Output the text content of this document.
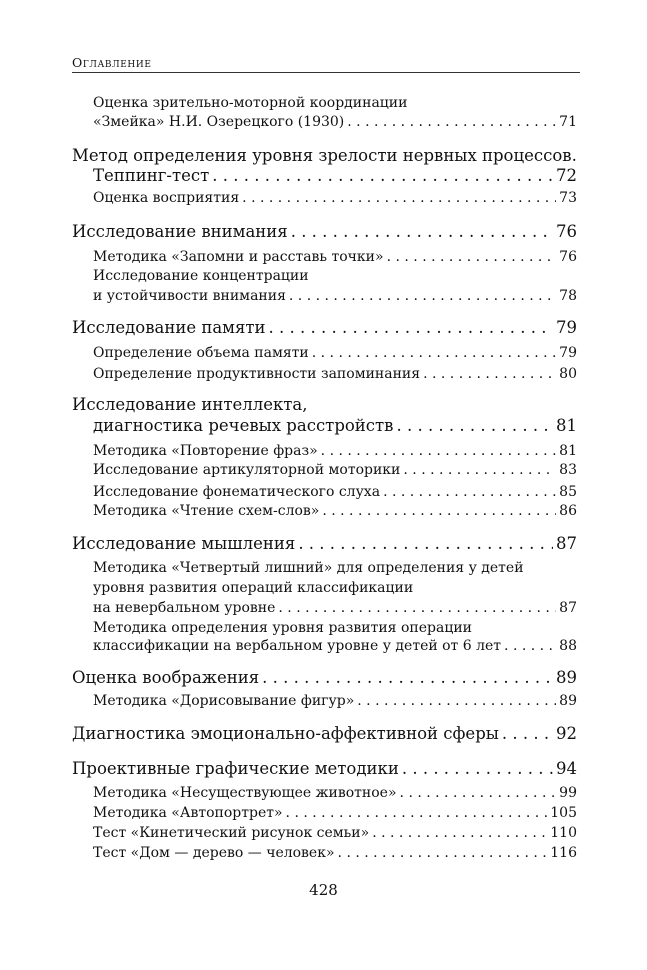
Оглавление
Оценка зрительно-моторной координации
«Змейка» Н.И. Озерецкого (1930) . . .	71
Метод определения уровня зрелости нервных процессов.
Теппинг-тест . . .	72
Оценка восприятия . . .	73
Исследование внимания . . .	76
Методика «Запомни и расставь точки» . . .	76
Исследование концентрации
и устойчивости внимания . . .	78
Исследование памяти . . .	79
Определение объема памяти . . .	79
Определение продуктивности запоминания . . .	80
Исследование интеллекта,
диагностика речевых расстройств . . .	81
Методика «Повторение фраз» . . .	81
Исследование артикуляторной моторики . . .	83
Исследование фонематического слуха . . .	85
Методика «Чтение схем-слов» . . .	86
Исследование мышления . . .	87
Методика «Четвертый лишний» для определения у детей
уровня развития операций классификации
на невербальном уровне . . .	87
Методика определения уровня развития операции
классификации на вербальном уровне у детей от 6 лет . . .	88
Оценка воображения . . .	89
Методика «Дорисовывание фигур» . . .	89
Диагностика эмоционально-аффективной сферы . . .	92
Проективные графические методики . . .	94
Методика «Несуществующее животное» . . .	99
Методика «Автопортрет» . . .	105
Тест «Кинетический рисунок семьи» . . .	110
Тест «Дом — дерево — человек» . . .	116
428
